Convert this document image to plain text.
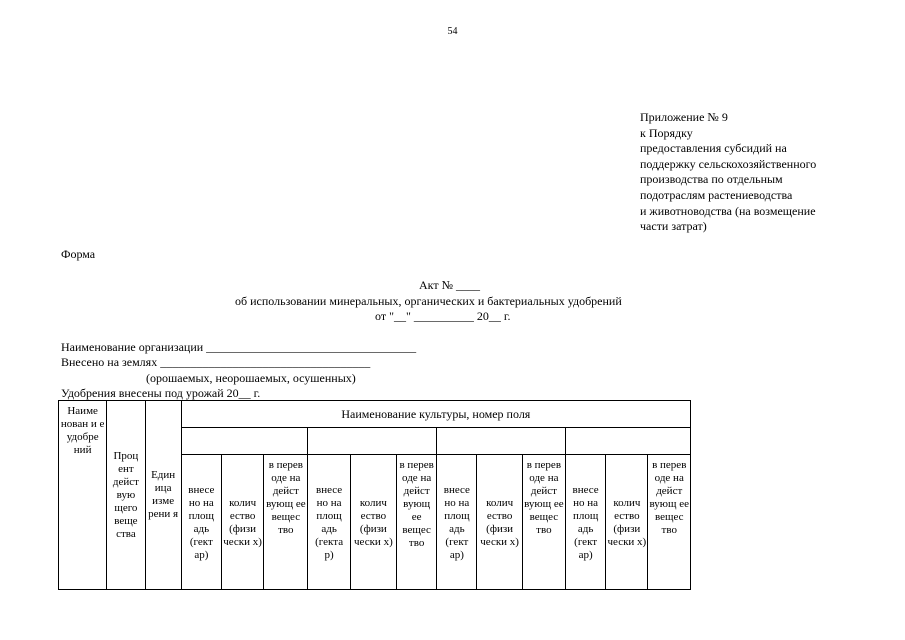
54
Приложение № 9
к Порядку
предоставления субсидий на
поддержку сельскохозяйственного
производства по отдельным
подотраслям растениеводства
и животноводства (на возмещение
части затрат)
Форма
Акт № ____
об использовании минеральных, органических и бактериальных удобрений
от "__" __________ 20__ г.
Наименование организации ___________________________________
Внесено на землях ___________________________________
(орошаемых, неорошаемых, осушенных)
Удобрения внесены под урожай 20__ г.
Наиме нован и е удобре ний	Проц ент дейст вую щего веще ства	Един ица изме рени я	Наименование культуры, номер поля											

			внесе но на площ адь (гект ар)	колич ество (физи чески х)	в перев оде на дейст вующ ее вещес тво	внесе но на площ адь (гекта р)	колич ество (физи чески х)	в перев оде на дейст вующ ее вещес тво	внесе но на площ адь (гект ар)	колич ество (физи чески х)	в перев оде на дейст вующ ее вещес тво	внесе но на площ адь (гект ар)	колич ество (физи чески х)	в перев оде на дейст вующ ее вещес тво
